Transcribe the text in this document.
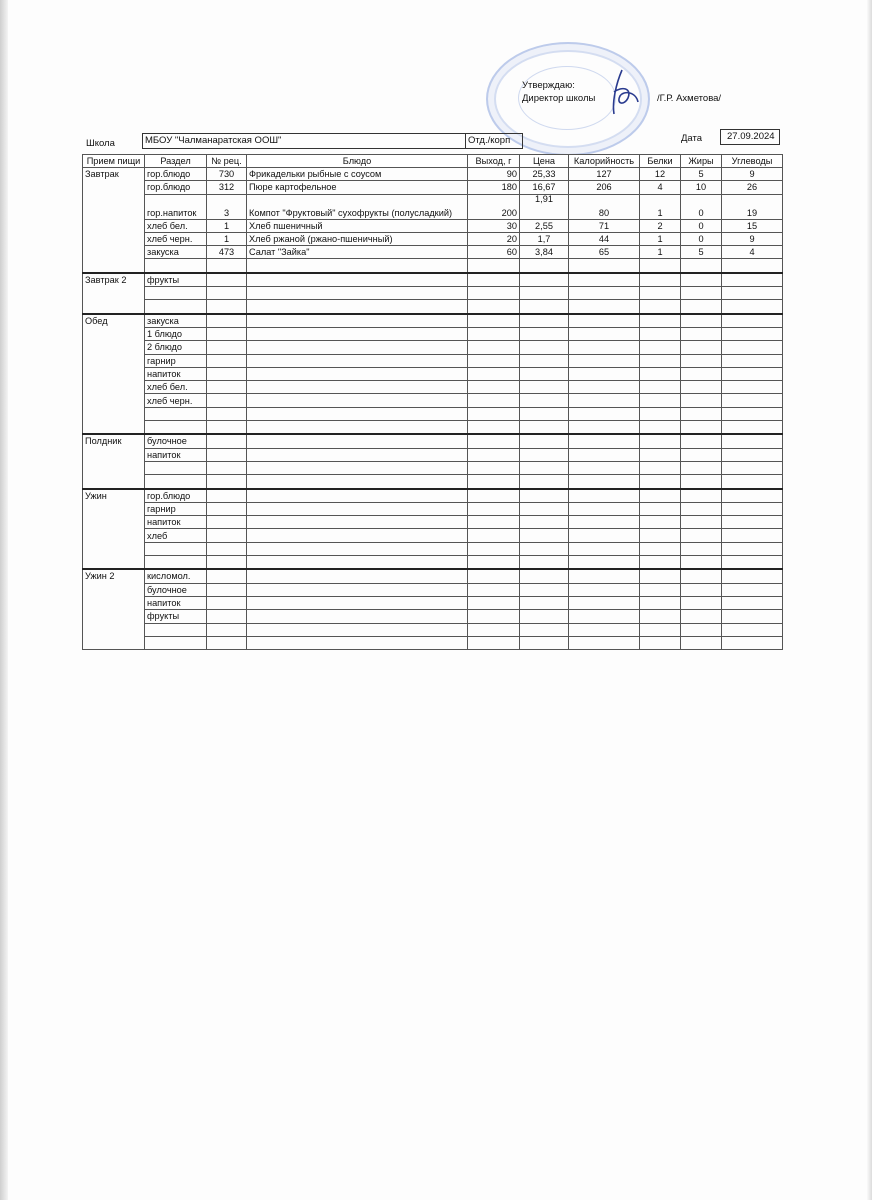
Утверждаю:
Директор школы	/Г.Р. Ахметова/
Школа	МБОУ "Чалманаратская ООШ"	Отд./корп	Дата	27.09.2024
Прием пищи	Раздел	№ рец.	Блюдо	Выход, г	Цена	Калорийность	Белки	Жиры	Углеводы
Завтрак	гор.блюдо	730	Фрикадельки рыбные с соусом	90	25,33	127	12	5	9
	гор.блюдо	312	Пюре картофельное	180	16,67	206	4	10	26
	гор.напиток	3	Компот "Фруктовый" сухофрукты (полусладкий)	200	1,91	80	1	0	19
	хлеб бел.	1	Хлеб пшеничный	30	2,55	71	2	0	15
	хлеб черн.	1	Хлеб ржаной (ржано-пшеничный)	20	1,7	44	1	0	9
	закуска	473	Салат "Зайка"	60	3,84	65	1	5	4

Завтрак 2	фрукты								

Обед	закуска								
	1 блюдо								
	2 блюдо								
	гарнир								
	напиток								
	хлеб бел.								
	хлеб черн.								

Полдник	булочное								
	напиток								

Ужин	гор.блюдо								
	гарнир								
	напиток								
	хлеб								

Ужин 2	кисломол.								
	булочное								
	напиток								
	фрукты								
